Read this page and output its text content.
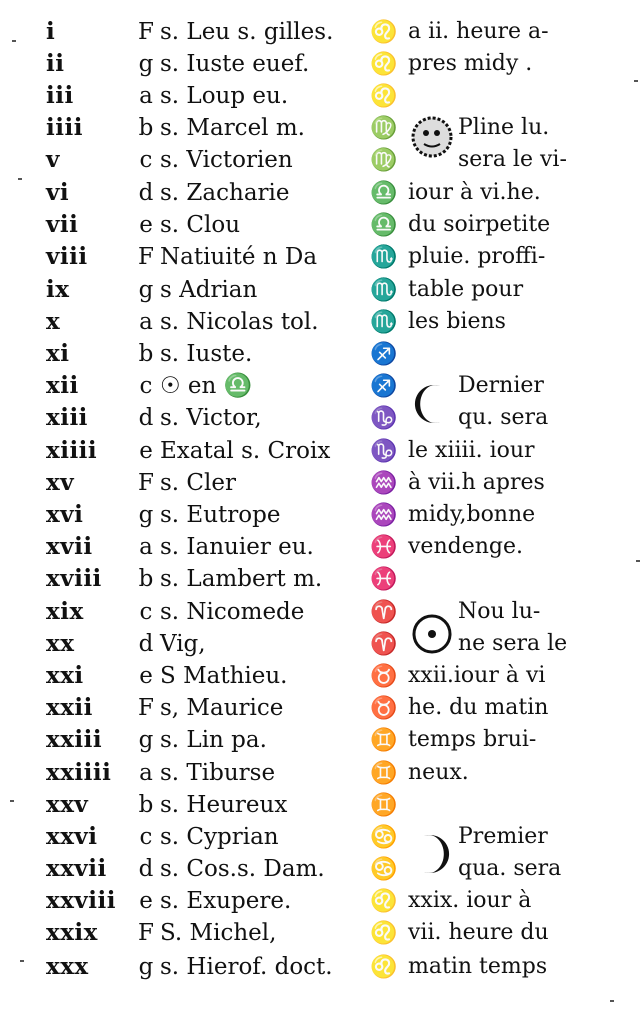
i	F s. Leu s. gilles.	♌ a ii. heure a-
ii	g s. Iuste euef.	♌ pres midy .
iii	a s. Loup eu.	♌
iiii	b s. Marcel m.	♍	Pline lu.
v	c s. Victorien	♍	sera le vi-
vi	d s. Zacharie	♎ iour à vi.he.
vii	e s. Clou	♎ du soirpetite
viii	F Natiuité n Da	♏ pluie. proffi-
ix	g s Adrian	♏ table pour
x	a s. Nicolas tol.	♏ les biens
xi	b s. Iuste.	♐
xii	c ☉ en ♎	♐	Dernier
xiii	d s. Victor,	♑	qu. sera
xiiii	e Exatal s. Croix	♑ le xiiii. iour
xv	F s. Cler	♒ à vii.h apres
xvi	g s. Eutrope	♒ midy,bonne
xvii	a s. Ianuier eu.	♓ vendenge.
xviii	b s. Lambert m.	♓
xix	c s. Nicomede	♈	Nou lu-
xx	d Vig,	♈	ne sera le
xxi	e S Mathieu.	♉ xxii.iour à vi
xxii	F s, Maurice	♉ he. du matin
xxiii	g s. Lin pa.	♊ temps brui-
xxiiii	a s. Tiburse	♊ neux.
xxv	b s. Heureux	♊
xxvi	c s. Cyprian	♋	Premier
xxvii	d s. Cos.s. Dam.	♋	qua. sera
xxviii	e s. Exupere.	♌ xxix. iour à
xxix	F S. Michel,	♌ vii. heure du
xxx	g s. Hierof. doct.	♌ matin temps
